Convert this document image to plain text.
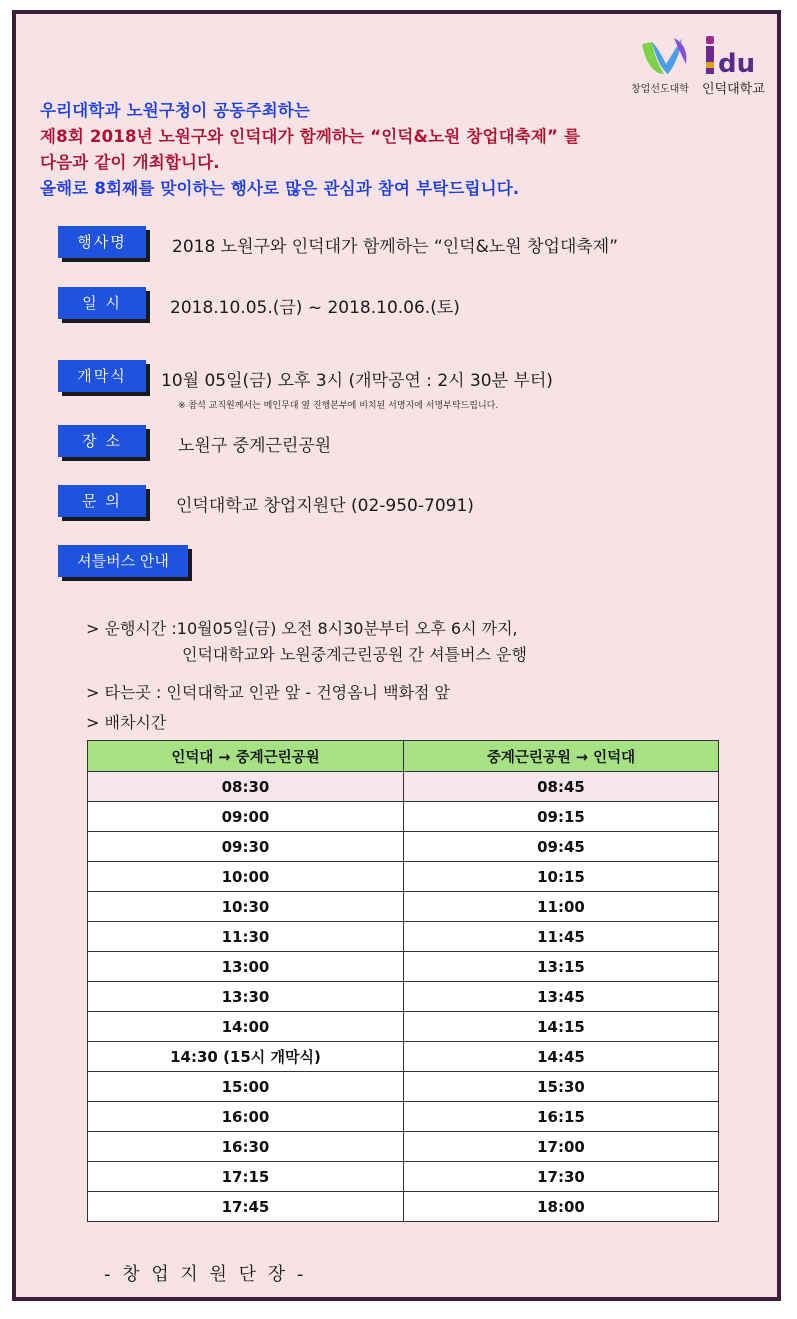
du
창업선도대학 인덕대학교
우리대학과 노원구청이 공동주최하는
제8회 2018년 노원구와 인덕대가 함께하는 “인덕&노원 창업대축제” 를
다음과 같이 개최합니다.
올해로 8회째를 맞이하는 행사로 많은 관심과 참여 부탁드립니다.
행사명	2018 노원구와 인덕대가 함께하는 “인덕&노원 창업대축제”
일 시	2018.10.05.(금) ~ 2018.10.06.(토)
개막식	10월 05일(금) 오후 3시 (개막공연 : 2시 30분 부터)
※ 참석 교직원께서는 메인무대 옆 진행본부에 비치된 서명지에 서명부탁드립니다.
장 소	노원구 중계근린공원
문 의	인덕대학교 창업지원단 (02-950-7091)
셔틀버스 안내
> 운행시간 :10월05일(금) 오전 8시30분부터 오후 6시 까지,
인덕대학교와 노원중계근린공원 간 셔틀버스 운행
> 타는곳 : 인덕대학교 인관 앞 - 건영옴니 백화점 앞
> 배차시간
인덕대 → 중계근린공원	중계근린공원 → 인덕대
08:30	08:45
09:00	09:15
09:30	09:45
10:00	10:15
10:30	11:00
11:30	11:45
13:00	13:15
13:30	13:45
14:00	14:15
14:30 (15시 개막식)	14:45
15:00	15:30
16:00	16:15
16:30	17:00
17:15	17:30
17:45	18:00
- 창 업 지 원 단 장 -
